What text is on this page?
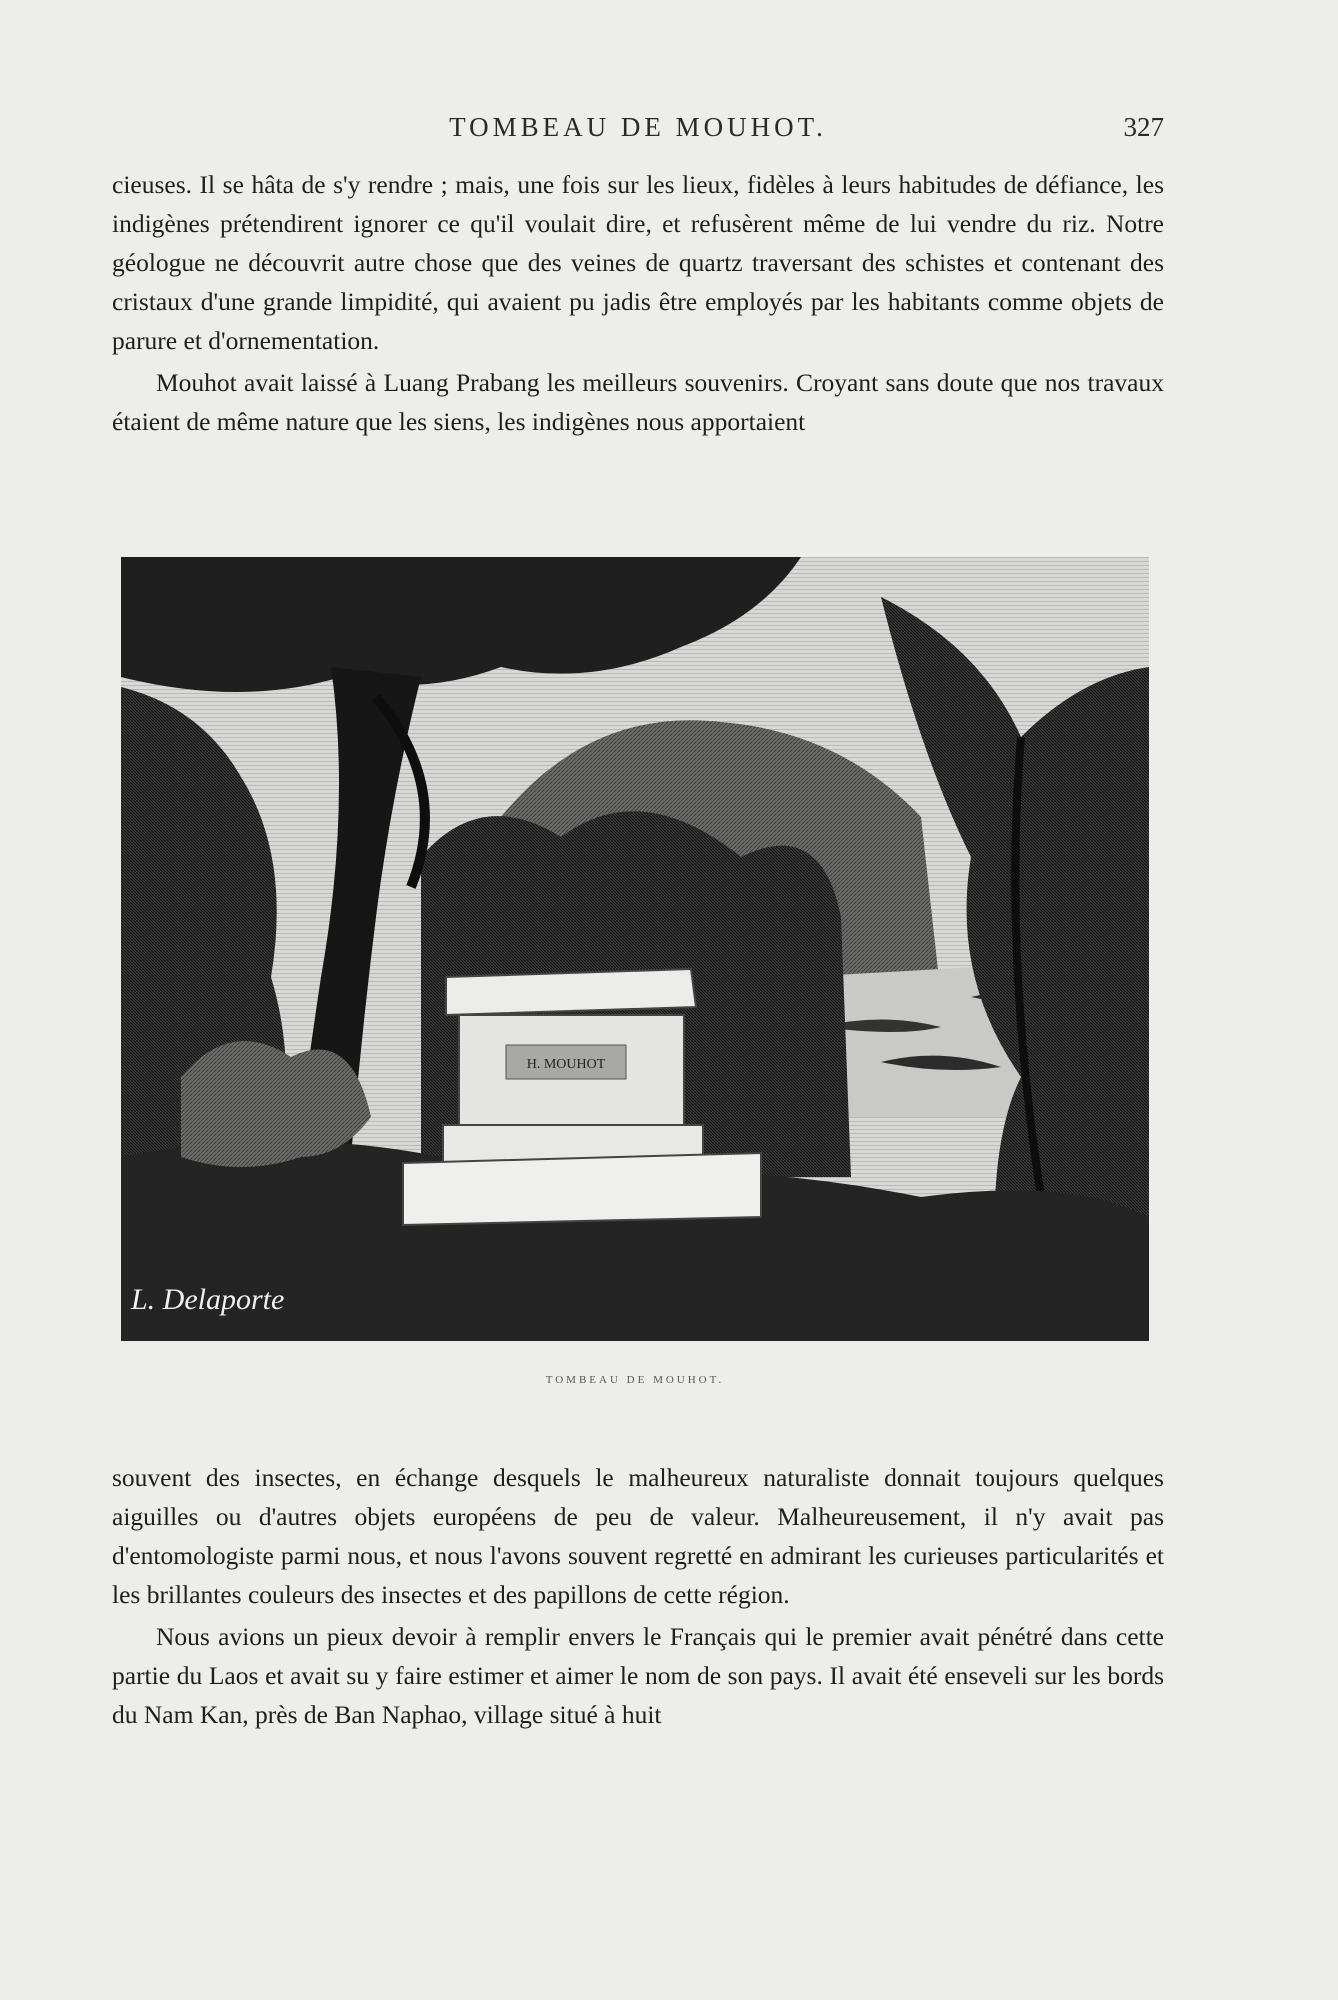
TOMBEAU DE MOUHOT.	327

cieuses. Il se hâta de s'y rendre ; mais, une fois sur les lieux, fidèles à leurs habitudes de défiance, les indigènes prétendirent ignorer ce qu'il voulait dire, et refusèrent même de lui vendre du riz. Notre géologue ne découvrit autre chose que des veines de quartz traversant des schistes et contenant des cristaux d'une grande limpidité, qui avaient pu jadis être employés par les habitants comme objets de parure et d'ornementation.

Mouhot avait laissé à Luang Prabang les meilleurs souvenirs. Croyant sans doute que nos travaux étaient de même nature que les siens, les indigènes nous apportaient

H. MOUHOT
L. Delaporte
TOMBEAU DE MOUHOT.

souvent des insectes, en échange desquels le malheureux naturaliste donnait toujours quelques aiguilles ou d'autres objets européens de peu de valeur. Malheureusement, il n'y avait pas d'entomologiste parmi nous, et nous l'avons souvent regretté en admirant les curieuses particularités et les brillantes couleurs des insectes et des papillons de cette région.

Nous avions un pieux devoir à remplir envers le Français qui le premier avait pénétré dans cette partie du Laos et avait su y faire estimer et aimer le nom de son pays. Il avait été enseveli sur les bords du Nam Kan, près de Ban Naphao, village situé à huit
